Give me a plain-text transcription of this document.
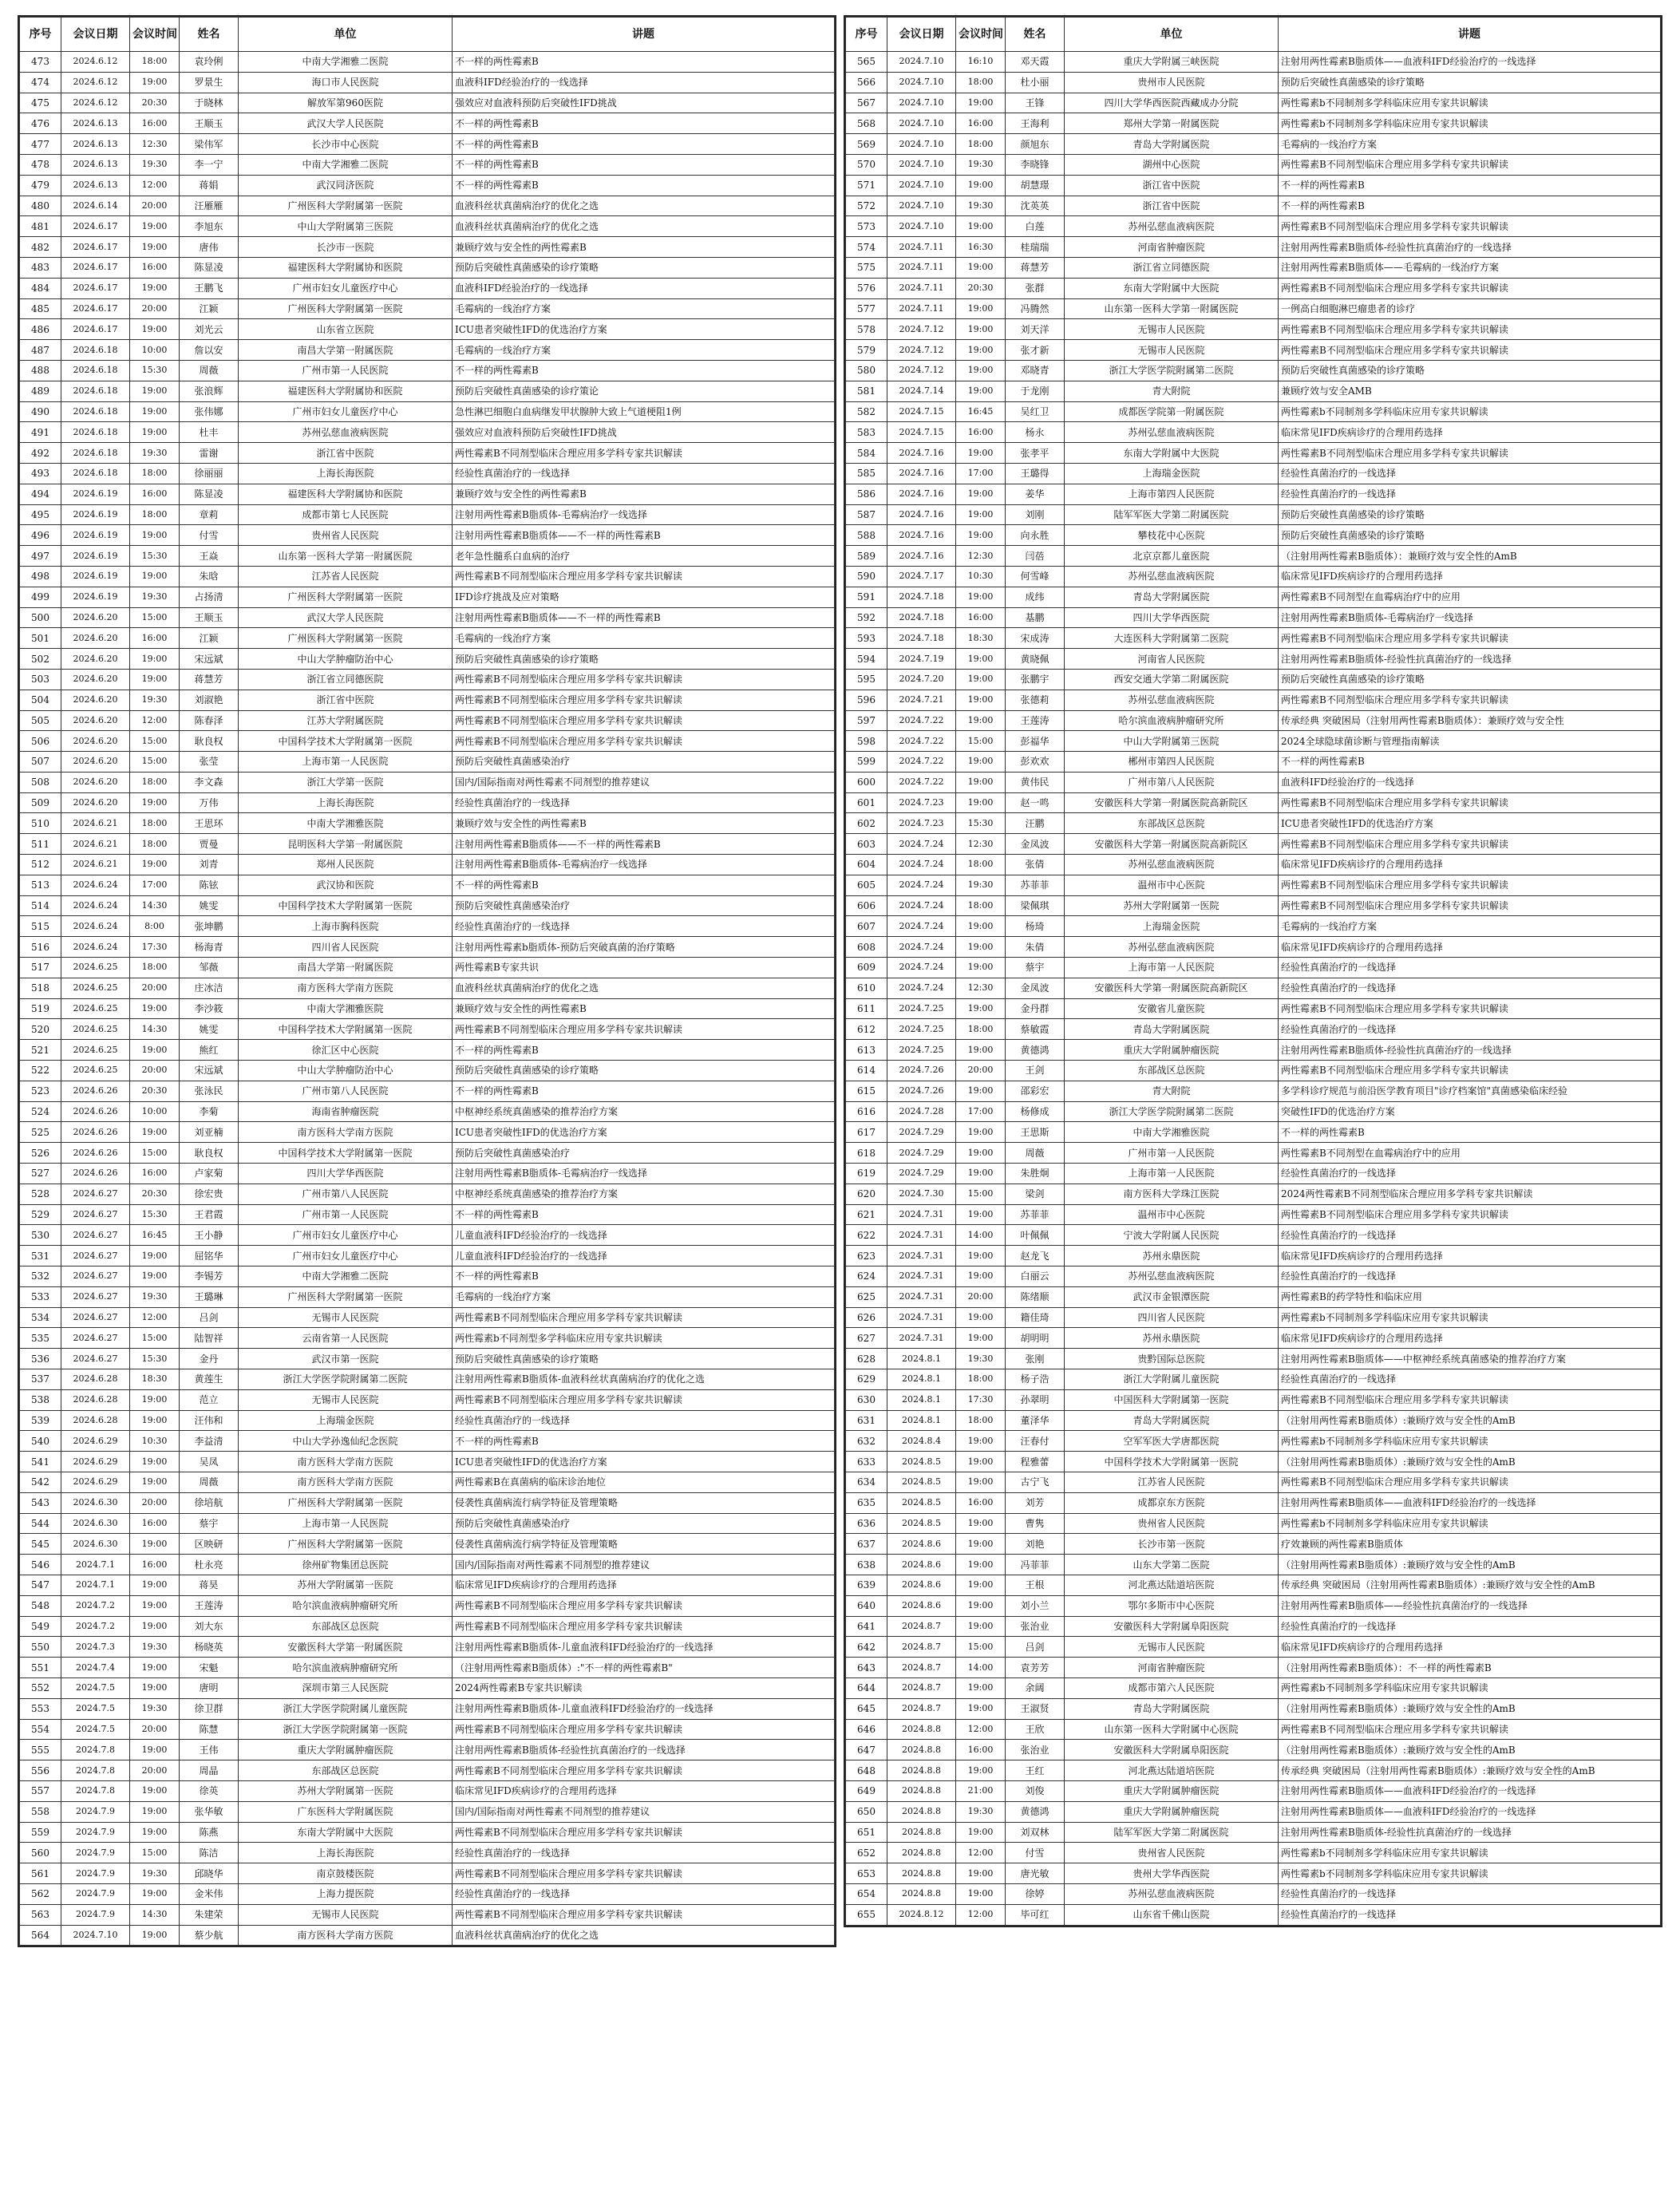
序号	会议日期	会议时间	姓名	单位	讲题
473	2024.6.12	18:00	袁玲俐	中南大学湘雅二医院	不一样的两性霉素B
474	2024.6.12	19:00	罗景生	海口市人民医院	血液科IFD经验治疗的一线选择
475	2024.6.12	20:30	于晓林	解放军第960医院	强效应对血液科预防后突破性IFD挑战
476	2024.6.13	16:00	王顺玉	武汉大学人民医院	不一样的两性霉素B
477	2024.6.13	12:30	梁伟军	长沙市中心医院	不一样的两性霉素B
478	2024.6.13	19:30	李一宁	中南大学湘雅二医院	不一样的两性霉素B
479	2024.6.13	12:00	蒋娟	武汉同济医院	不一样的两性霉素B
480	2024.6.14	20:00	汪雁雁	广州医科大学附属第一医院	血液科丝状真菌病治疗的优化之选
481	2024.6.17	19:00	李旭东	中山大学附属第三医院	血液科丝状真菌病治疗的优化之选
482	2024.6.17	19:00	唐伟	长沙市一医院	兼顾疗效与安全性的两性霉素B
483	2024.6.17	16:00	陈显凌	福建医科大学附属协和医院	预防后突破性真菌感染的诊疗策略
484	2024.6.17	19:00	王鹏飞	广州市妇女儿童医疗中心	血液科IFD经验治疗的一线选择
485	2024.6.17	20:00	江颖	广州医科大学附属第一医院	毛霉病的一线治疗方案
486	2024.6.17	19:00	刘光云	山东省立医院	ICU患者突破性IFD的优选治疗方案
487	2024.6.18	10:00	詹以安	南昌大学第一附属医院	毛霉病的一线治疗方案
488	2024.6.18	15:30	周薇	广州市第一人民医院	不一样的两性霉素B
489	2024.6.18	19:00	张浪辉	福建医科大学附属协和医院	预防后突破性真菌感染的诊疗策论
490	2024.6.18	19:00	张伟娜	广州市妇女儿童医疗中心	急性淋巴细胞白血病继发甲状腺肿大致上气道梗阻1例
491	2024.6.18	19:00	杜丰	苏州弘慈血液病医院	强效应对血液科预防后突破性IFD挑战
492	2024.6.18	19:30	雷谢	浙江省中医院	两性霉素B不同剂型临床合理应用多学科专家共识解读
493	2024.6.18	18:00	徐丽丽	上海长海医院	经验性真菌治疗的一线选择
494	2024.6.19	16:00	陈显凌	福建医科大学附属协和医院	兼顾疗效与安全性的两性霉素B
495	2024.6.19	18:00	章莉	成都市第七人民医院	注射用两性霉素B脂质体-毛霉病治疗一线选择
496	2024.6.19	19:00	付雪	贵州省人民医院	注射用两性霉素B脂质体——不一样的两性霉素B
497	2024.6.19	15:30	王焱	山东第一医科大学第一附属医院	老年急性髓系白血病的治疗
498	2024.6.19	19:00	朱晗	江苏省人民医院	两性霉素B不同剂型临床合理应用多学科专家共识解读
499	2024.6.19	19:30	占扬清	广州医科大学附属第一医院	IFD诊疗挑战及应对策略
500	2024.6.20	15:00	王顺玉	武汉大学人民医院	注射用两性霉素B脂质体——不一样的两性霉素B
501	2024.6.20	16:00	江颖	广州医科大学附属第一医院	毛霉病的一线治疗方案
502	2024.6.20	19:00	宋远斌	中山大学肿瘤防治中心	预防后突破性真菌感染的诊疗策略
503	2024.6.20	19:00	蒋慧芳	浙江省立同德医院	两性霉素B不同剂型临床合理应用多学科专家共识解读
504	2024.6.20	19:30	刘淑艳	浙江省中医院	两性霉素B不同剂型临床合理应用多学科专家共识解读
505	2024.6.20	12:00	陈春泽	江苏大学附属医院	两性霉素B不同剂型临床合理应用多学科专家共识解读
506	2024.6.20	15:00	耿良权	中国科学技术大学附属第一医院	两性霉素B不同剂型临床合理应用多学科专家共识解读
507	2024.6.20	15:00	张莹	上海市第一人民医院	预防后突破性真菌感染治疗
508	2024.6.20	18:00	李文森	浙江大学第一医院	国内/国际指南对两性霉素不同剂型的推荐建议
509	2024.6.20	19:00	万伟	上海长海医院	经验性真菌治疗的一线选择
510	2024.6.21	18:00	王思环	中南大学湘雅医院	兼顾疗效与安全性的两性霉素B
511	2024.6.21	18:00	贾曼	昆明医科大学第一附属医院	注射用两性霉素B脂质体——不一样的两性霉素B
512	2024.6.21	19:00	刘青	郑州人民医院	注射用两性霉素B脂质体-毛霉病治疗一线选择
513	2024.6.24	17:00	陈铉	武汉协和医院	不一样的两性霉素B
514	2024.6.24	14:30	姚雯	中国科学技术大学附属第一医院	预防后突破性真菌感染治疗
515	2024.6.24	8:00	张坤鹏	上海市胸科医院	经验性真菌治疗的一线选择
516	2024.6.24	17:30	杨海青	四川省人民医院	注射用两性霉素b脂质体-预防后突破真菌的治疗策略
517	2024.6.25	18:00	邹薇	南昌大学第一附属医院	两性霉素B专家共识
518	2024.6.25	20:00	庄冰洁	南方医科大学南方医院	血液科丝状真菌病治疗的优化之选
519	2024.6.25	19:00	李沙筱	中南大学湘雅医院	兼顾疗效与安全性的两性霉素B
520	2024.6.25	14:30	姚雯	中国科学技术大学附属第一医院	两性霉素B不同剂型临床合理应用多学科专家共识解读
521	2024.6.25	19:00	熊红	徐汇区中心医院	不一样的两性霉素B
522	2024.6.25	20:00	宋远斌	中山大学肿瘤防治中心	预防后突破性真菌感染的诊疗策略
523	2024.6.26	20:30	张泳民	广州市第八人民医院	不一样的两性霉素B
524	2024.6.26	10:00	李菊	海南省肿瘤医院	中枢神经系统真菌感染的推荐治疗方案
525	2024.6.26	19:00	刘亚楠	南方医科大学南方医院	ICU患者突破性IFD的优选治疗方案
526	2024.6.26	15:00	耿良权	中国科学技术大学附属第一医院	预防后突破性真菌感染治疗
527	2024.6.26	16:00	卢家菊	四川大学华西医院	注射用两性霉素B脂质体-毛霉病治疗一线选择
528	2024.6.27	20:30	徐宏贵	广州市第八人民医院	中枢神经系统真菌感染的推荐治疗方案
529	2024.6.27	15:30	王君霞	广州市第一人民医院	不一样的两性霉素B
530	2024.6.27	16:45	王小静	广州市妇女儿童医疗中心	儿童血液科IFD经验治疗的一线选择
531	2024.6.27	19:00	屈铭华	广州市妇女儿童医疗中心	儿童血液科IFD经验治疗的一线选择
532	2024.6.27	19:00	李锡芳	中南大学湘雅二医院	不一样的两性霉素B
533	2024.6.27	19:30	王璐琳	广州医科大学附属第一医院	毛霉病的一线治疗方案
534	2024.6.27	12:00	吕剑	无锡市人民医院	两性霉素B不同剂型临床合理应用多学科专家共识解读
535	2024.6.27	15:00	陆智祥	云南省第一人民医院	两性霉素b不同剂型多学科临床应用专家共识解读
536	2024.6.27	15:30	金丹	武汉市第一医院	预防后突破性真菌感染的诊疗策略
537	2024.6.28	18:30	黄莲生	浙江大学医学院附属第二医院	注射用两性霉素B脂质体-血液科丝状真菌病治疗的优化之选
538	2024.6.28	19:00	范立	无锡市人民医院	两性霉素B不同剂型临床合理应用多学科专家共识解读
539	2024.6.28	19:00	汪伟和	上海瑞金医院	经验性真菌治疗的一线选择
540	2024.6.29	10:30	李益清	中山大学孙逸仙纪念医院	不一样的两性霉素B
541	2024.6.29	19:00	吴凤	南方医科大学南方医院	ICU患者突破性IFD的优选治疗方案
542	2024.6.29	19:00	周薇	南方医科大学南方医院	两性霉素B在真菌病的临床诊治地位
543	2024.6.30	20:00	徐培航	广州医科大学附属第一医院	侵袭性真菌病流行病学特征及管理策略
544	2024.6.30	16:00	蔡宇	上海市第一人民医院	预防后突破性真菌感染治疗
545	2024.6.30	19:00	区映研	广州医科大学附属第一医院	侵袭性真菌病流行病学特征及管理策略
546	2024.7.1	16:00	杜永亮	徐州矿物集团总医院	国内/国际指南对两性霉素不同剂型的推荐建议
547	2024.7.1	19:00	蒋昊	苏州大学附属第一医院	临床常见IFD疾病诊疗的合理用药选择
548	2024.7.2	19:00	王莲涛	哈尔滨血液病肿瘤研究所	两性霉素B不同剂型临床合理应用多学科专家共识解读
549	2024.7.2	19:00	刘大东	东部战区总医院	两性霉素B不同剂型临床合理应用多学科专家共识解读
550	2024.7.3	19:30	杨晓英	安徽医科大学第一附属医院	注射用两性霉素B脂质体-儿童血液科IFD经验治疗的一线选择
551	2024.7.4	19:00	宋魁	哈尔滨血液病肿瘤研究所	（注射用两性霉素B脂质体）:"不一样的两性霉素B"
552	2024.7.5	19:00	唐明	深圳市第三人民医院	2024两性霉素B专家共识解读
553	2024.7.5	19:30	徐卫群	浙江大学医学院附属儿童医院	注射用两性霉素B脂质体-儿童血液科IFD经验治疗的一线选择
554	2024.7.5	20:00	陈慧	浙江大学医学院附属第一医院	两性霉素B不同剂型临床合理应用多学科专家共识解读
555	2024.7.8	19:00	王伟	重庆大学附属肿瘤医院	注射用两性霉素B脂质体-经验性抗真菌治疗的一线选择
556	2024.7.8	20:00	周晶	东部战区总医院	两性霉素B不同剂型临床合理应用多学科专家共识解读
557	2024.7.8	19:00	徐英	苏州大学附属第一医院	临床常见IFD疾病诊疗的合理用药选择
558	2024.7.9	19:00	张华敏	广东医科大学附属医院	国内/国际指南对两性霉素不同剂型的推荐建议
559	2024.7.9	19:00	陈燕	东南大学附属中大医院	两性霉素B不同剂型临床合理应用多学科专家共识解读
560	2024.7.9	15:00	陈洁	上海长海医院	经验性真菌治疗的一线选择
561	2024.7.9	19:30	邱晓华	南京鼓楼医院	两性霉素B不同剂型临床合理应用多学科专家共识解读
562	2024.7.9	19:00	金米伟	上海力提医院	经验性真菌治疗的一线选择
563	2024.7.9	14:30	朱建荣	无锡市人民医院	两性霉素B不同剂型临床合理应用多学科专家共识解读
564	2024.7.10	19:00	蔡少航	南方医科大学南方医院	血液科丝状真菌病治疗的优化之选
序号	会议日期	会议时间	姓名	单位	讲题
565	2024.7.10	16:10	邓天霞	重庆大学附属三峡医院	注射用两性霉素B脂质体——血液科IFD经验治疗的一线选择
566	2024.7.10	18:00	杜小丽	贵州市人民医院	预防后突破性真菌感染的诊疗策略
567	2024.7.10	19:00	王锋	四川大学华西医院西藏成办分院	两性霉素b不同制剂多学科临床应用专家共识解读
568	2024.7.10	16:00	王海利	郑州大学第一附属医院	两性霉素b不同制剂多学科临床应用专家共识解读
569	2024.7.10	18:00	颜旭东	青岛大学附属医院	毛霉病的一线治疗方案
570	2024.7.10	19:30	李晓锋	湖州中心医院	两性霉素B不同剂型临床合理应用多学科专家共识解读
571	2024.7.10	19:00	胡慧璟	浙江省中医院	不一样的两性霉素B
572	2024.7.10	19:30	沈英英	浙江省中医院	不一样的两性霉素B
573	2024.7.10	19:00	白莲	苏州弘慈血液病医院	两性霉素B不同剂型临床合理应用多学科专家共识解读
574	2024.7.11	16:30	桂瑞瑞	河南省肿瘤医院	注射用两性霉素B脂质体-经验性抗真菌治疗的一线选择
575	2024.7.11	19:00	蒋慧芳	浙江省立同德医院	注射用两性霉素B脂质体——毛霉病的一线治疗方案
576	2024.7.11	20:30	张群	东南大学附属中大医院	两性霉素B不同剂型临床合理应用多学科专家共识解读
577	2024.7.11	19:00	冯腾然	山东第一医科大学第一附属医院	一例高白细胞淋巴瘤患者的诊疗
578	2024.7.12	19:00	刘天洋	无锡市人民医院	两性霉素B不同剂型临床合理应用多学科专家共识解读
579	2024.7.12	19:00	张才新	无锡市人民医院	两性霉素B不同剂型临床合理应用多学科专家共识解读
580	2024.7.12	19:00	邓晓青	浙江大学医学院附属第二医院	预防后突破性真菌感染的诊疗策略
581	2024.7.14	19:00	于龙刚	青大附院	兼顾疗效与安全AMB
582	2024.7.15	16:45	吴红卫	成都医学院第一附属医院	两性霉素b不同制剂多学科临床应用专家共识解读
583	2024.7.15	16:00	杨永	苏州弘慈血液病医院	临床常见IFD疾病诊疗的合理用药选择
584	2024.7.16	19:00	张孝平	东南大学附属中大医院	两性霉素B不同剂型临床合理应用多学科专家共识解读
585	2024.7.16	17:00	王璐得	上海瑞金医院	经验性真菌治疗的一线选择
586	2024.7.16	19:00	姜华	上海市第四人民医院	经验性真菌治疗的一线选择
587	2024.7.16	19:00	刘刚	陆军军医大学第二附属医院	预防后突破性真菌感染的诊疗策略
588	2024.7.16	19:00	向永胜	攀枝花中心医院	预防后突破性真菌感染的诊疗策略
589	2024.7.16	12:30	闫蓓	北京京都儿童医院	（注射用两性霉素B脂质体）：兼顾疗效与安全性的AmB
590	2024.7.17	10:30	何雪峰	苏州弘慈血液病医院	临床常见IFD疾病诊疗的合理用药选择
591	2024.7.18	19:00	成纬	青岛大学附属医院	两性霉素B不同剂型在血霉病治疗中的应用
592	2024.7.18	16:00	基鹏	四川大学华西医院	注射用两性霉素B脂质体-毛霉病治疗一线选择
593	2024.7.18	18:30	宋成涛	大连医科大学附属第二医院	两性霉素B不同剂型临床合理应用多学科专家共识解读
594	2024.7.19	19:00	黄晓佩	河南省人民医院	注射用两性霉素B脂质体-经验性抗真菌治疗的一线选择
595	2024.7.20	19:00	张鹏宇	西安交通大学第二附属医院	预防后突破性真菌感染的诊疗策略
596	2024.7.21	19:00	张德莉	苏州弘慈血液病医院	两性霉素B不同剂型临床合理应用多学科专家共识解读
597	2024.7.22	19:00	王莲涛	哈尔滨血液病肿瘤研究所	传承经典 突破困局（注射用两性霉素B脂质体）：兼顾疗效与安全性
598	2024.7.22	15:00	彭福华	中山大学附属第三医院	2024全球隐球菌诊断与管理指南解读
599	2024.7.22	19:00	彭欢欢	郴州市第四人民医院	不一样的两性霉素B
600	2024.7.22	19:00	黄伟民	广州市第八人民医院	血液科IFD经验治疗的一线选择
601	2024.7.23	19:00	赵一鸣	安徽医科大学第一附属医院高新院区	两性霉素B不同剂型临床合理应用多学科专家共识解读
602	2024.7.23	15:30	汪鹏	东部战区总医院	ICU患者突破性IFD的优选治疗方案
603	2024.7.24	12:30	金凤波	安徽医科大学第一附属医院高新院区	两性霉素B不同剂型临床合理应用多学科专家共识解读
604	2024.7.24	18:00	张倩	苏州弘慈血液病医院	临床常见IFD疾病诊疗的合理用药选择
605	2024.7.24	19:30	苏菲菲	温州市中心医院	两性霉素B不同剂型临床合理应用多学科专家共识解读
606	2024.7.24	18:00	梁佩琪	苏州大学附属第一医院	两性霉素B不同剂型临床合理应用多学科专家共识解读
607	2024.7.24	19:00	杨琦	上海瑞金医院	毛霉病的一线治疗方案
608	2024.7.24	19:00	朱倩	苏州弘慈血液病医院	临床常见IFD疾病诊疗的合理用药选择
609	2024.7.24	19:00	蔡宇	上海市第一人民医院	经验性真菌治疗的一线选择
610	2024.7.24	12:30	金凤波	安徽医科大学第一附属医院高新院区	经验性真菌治疗的一线选择
611	2024.7.25	19:00	金丹群	安徽省儿童医院	两性霉素B不同剂型临床合理应用多学科专家共识解读
612	2024.7.25	18:00	蔡敏霞	青岛大学附属医院	经验性真菌治疗的一线选择
613	2024.7.25	19:00	黄德鸿	重庆大学附属肿瘤医院	注射用两性霉素B脂质体-经验性抗真菌治疗的一线选择
614	2024.7.26	20:00	王剑	东部战区总医院	两性霉素B不同剂型临床合理应用多学科专家共识解读
615	2024.7.26	19:00	邵彩宏	青大附院	多学科诊疗规范与前沿医学教育项目"诊疗档案馆"真菌感染临床经验
616	2024.7.28	17:00	杨修成	浙江大学医学院附属第二医院	突破性IFD的优选治疗方案
617	2024.7.29	19:00	王思斯	中南大学湘雅医院	不一样的两性霉素B
618	2024.7.29	19:00	周薇	广州市第一人民医院	两性霉素B不同剂型在血霉病治疗中的应用
619	2024.7.29	19:00	朱胜炯	上海市第一人民医院	经验性真菌治疗的一线选择
620	2024.7.30	15:00	梁剑	南方医科大学珠江医院	2024两性霉素B不同剂型临床合理应用多学科专家共识解读
621	2024.7.31	19:00	苏菲菲	温州市中心医院	两性霉素B不同剂型临床合理应用多学科专家共识解读
622	2024.7.31	14:00	叶佩佩	宁波大学附属人民医院	经验性真菌治疗的一线选择
623	2024.7.31	19:00	赵龙飞	苏州永鼎医院	临床常见IFD疾病诊疗的合理用药选择
624	2024.7.31	19:00	白丽云	苏州弘慈血液病医院	经验性真菌治疗的一线选择
625	2024.7.31	20:00	陈绪顺	武汉市金银潭医院	两性霉素B的药学特性和临床应用
626	2024.7.31	19:00	籍佳琦	四川省人民医院	两性霉素b不同制剂多学科临床应用专家共识解读
627	2024.7.31	19:00	胡明明	苏州永鼎医院	临床常见IFD疾病诊疗的合理用药选择
628	2024.8.1	19:30	张刚	贵黔国际总医院	注射用两性霉素B脂质体——中枢神经系统真菌感染的推荐治疗方案
629	2024.8.1	18:00	杨子浩	浙江大学附属儿童医院	经验性真菌治疗的一线选择
630	2024.8.1	17:30	孙翠明	中国医科大学附属第一医院	两性霉素B不同剂型临床合理应用多学科专家共识解读
631	2024.8.1	18:00	董泽华	青岛大学附属医院	（注射用两性霉素B脂质体）:兼顾疗效与安全性的AmB
632	2024.8.4	19:00	汪春付	空军军医大学唐都医院	两性霉素b不同制剂多学科临床应用专家共识解读
633	2024.8.5	19:00	程雅蕾	中国科学技术大学附属第一医院	（注射用两性霉素B脂质体）:兼顾疗效与安全性的AmB
634	2024.8.5	19:00	古宁飞	江苏省人民医院	两性霉素B不同剂型临床合理应用多学科专家共识解读
635	2024.8.5	16:00	刘芳	成都京东方医院	注射用两性霉素B脂质体——血液科IFD经验治疗的一线选择
636	2024.8.5	19:00	曹隽	贵州省人民医院	两性霉素b不同制剂多学科临床应用专家共识解读
637	2024.8.6	19:00	刘艳	长沙市第一医院	疗效兼顾的两性霉素B脂质体
638	2024.8.6	19:00	冯菲菲	山东大学第二医院	（注射用两性霉素B脂质体）:兼顾疗效与安全性的AmB
639	2024.8.6	19:00	王根	河北燕达陆道培医院	传承经典 突破困局（注射用两性霉素B脂质体）:兼顾疗效与安全性的AmB
640	2024.8.6	19:00	刘小兰	鄂尔多斯市中心医院	注射用两性霉素B脂质体——经验性抗真菌治疗的一线选择
641	2024.8.7	19:00	张治业	安徽医科大学附属阜阳医院	经验性真菌治疗的一线选择
642	2024.8.7	15:00	吕剑	无锡市人民医院	临床常见IFD疾病诊疗的合理用药选择
643	2024.8.7	14:00	袁芳芳	河南省肿瘤医院	（注射用两性霉素B脂质体）：不一样的两性霉素B
644	2024.8.7	19:00	余阔	成都市第六人民医院	两性霉素b不同制剂多学科临床应用专家共识解读
645	2024.8.7	19:00	王淑贤	青岛大学附属医院	（注射用两性霉素B脂质体）:兼顾疗效与安全性的AmB
646	2024.8.8	12:00	王欣	山东第一医科大学附属中心医院	两性霉素B不同剂型临床合理应用多学科专家共识解读
647	2024.8.8	16:00	张治业	安徽医科大学附属阜阳医院	（注射用两性霉素B脂质体）:兼顾疗效与安全性的AmB
648	2024.8.8	19:00	王红	河北燕达陆道培医院	传承经典 突破困局（注射用两性霉素B脂质体）:兼顾疗效与安全性的AmB
649	2024.8.8	21:00	刘俊	重庆大学附属肿瘤医院	注射用两性霉素B脂质体——血液科IFD经验治疗的一线选择
650	2024.8.8	19:30	黄德鸿	重庆大学附属肿瘤医院	注射用两性霉素B脂质体——血液科IFD经验治疗的一线选择
651	2024.8.8	19:00	刘双林	陆军军医大学第二附属医院	注射用两性霉素B脂质体-经验性抗真菌治疗的一线选择
652	2024.8.8	12:00	付雪	贵州省人民医院	两性霉素b不同制剂多学科临床应用专家共识解读
653	2024.8.8	19:00	唐光敏	贵州大学华西医院	两性霉素b不同制剂多学科临床应用专家共识解读
654	2024.8.8	19:00	徐婷	苏州弘慈血液病医院	经验性真菌治疗的一线选择
655	2024.8.12	12:00	毕可红	山东省千佛山医院	经验性真菌治疗的一线选择
